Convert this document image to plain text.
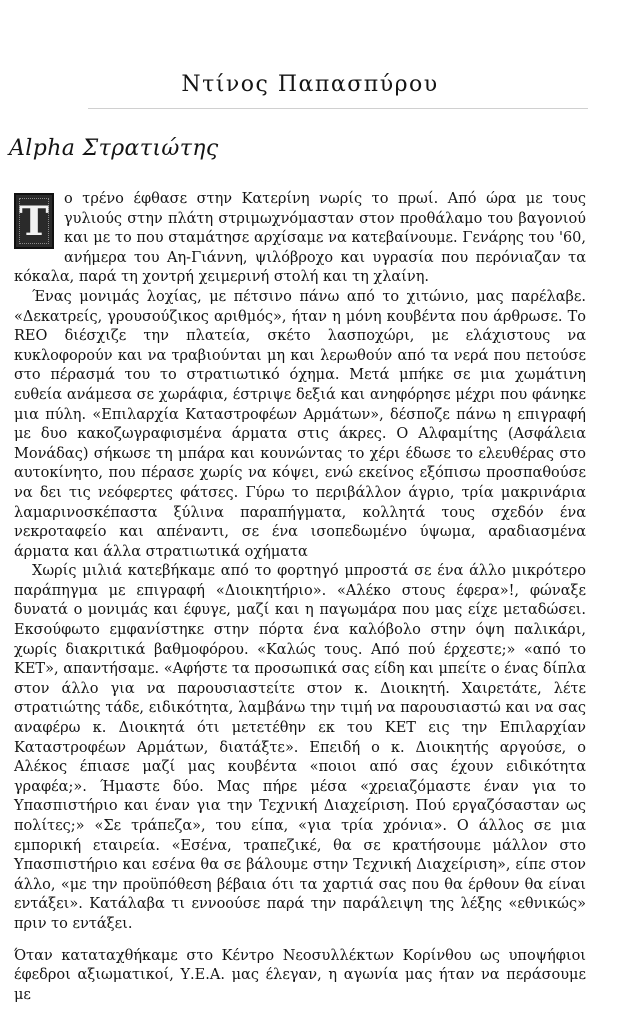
Ντίνος Παπασπύρου
Alpha Στρατιώτης

Τ ο τρένο έφθασε στην Κατερίνη νωρίς το πρωί. Από ώρα με τους γυλιούς στην πλάτη στριμωχνόμασταν στον προθάλαμο του βαγονιού και με το που σταμάτησε αρχίσαμε να κατεβαίνουμε. Γενάρης του '60, ανήμερα του Αη-Γιάννη, ψιλόβροχο και υγρασία που περόνιαζαν τα κόκαλα, παρά τη χοντρή χειμερινή στολή και τη χλαίνη.

Ένας μονιμάς λοχίας, με πέτσινο πάνω από το χιτώνιο, μας παρέλαβε. «Δεκατρείς, γρουσούζικος αριθμός», ήταν η μόνη κουβέντα που άρθρωσε. Το REO διέσχιζε την πλατεία, σκέτο λασποχώρι, με ελάχιστους να κυκλοφορούν και να τραβιούνται μη και λερωθούν από τα νερά που πετούσε στο πέρασμά του το στρατιωτικό όχημα. Μετά μπήκε σε μια χωμάτινη ευθεία ανάμεσα σε χωράφια, έστριψε δεξιά και ανηφόρησε μέχρι που φάνηκε μια πύλη. «Επιλαρχία Καταστροφέων Αρμάτων», δέσποζε πάνω η επιγραφή με δυο κακοζωγραφισμένα άρματα στις άκρες. Ο Αλφαμίτης (Ασφάλεια Μονάδας) σήκωσε τη μπάρα και κουνώντας το χέρι έδωσε το ελευθέρας στο αυτοκίνητο, που πέρασε χωρίς να κόψει, ενώ εκείνος εξόπισω προσπαθούσε να δει τις νεόφερτες φάτσες. Γύρω το περιβάλλον άγριο, τρία μακρινάρια λαμαρινοσκέπαστα ξύλινα παραπήγματα, κολλητά τους σχεδόν ένα νεκροταφείο και απέναντι, σε ένα ισοπεδωμένο ύψωμα, αραδιασμένα άρματα και άλλα στρατιωτικά οχήματα

Χωρίς μιλιά κατεβήκαμε από το φορτηγό μπροστά σε ένα άλλο μικρότερο παράπηγμα με επιγραφή «Διοικητήριο». «Αλέκο στους έφερα»!, φώναξε δυνατά ο μονιμάς και έφυγε, μαζί και η παγωμάρα που μας είχε μεταδώσει. Εκσούφωτο εμφανίστηκε στην πόρτα ένα καλόβολο στην όψη παλικάρι, χωρίς διακριτικά βαθμοφόρου. «Καλώς τους. Από πού έρχεστε;» «από το ΚΕΤ», απαντήσαμε. «Αφήστε τα προσωπικά σας είδη και μπείτε ο ένας δίπλα στον άλλο για να παρουσιαστείτε στον κ. Διοικητή. Χαιρετάτε, λέτε στρατιώτης τάδε, ειδικότητα, λαμβάνω την τιμή να παρουσιαστώ και να σας αναφέρω κ. Διοικητά ότι μετετέθην εκ του ΚΕΤ εις την Επιλαρχίαν Καταστροφέων Αρμάτων, διατάξτε». Επειδή ο κ. Διοικητής αργούσε, ο Αλέκος έπιασε μαζί μας κουβέντα «ποιοι από σας έχουν ειδικότητα γραφέα;». Ήμαστε δύο. Μας πήρε μέσα «χρειαζόμαστε έναν για το Υπασπιστήριο και έναν για την Τεχνική Διαχείριση. Πού εργαζόσασταν ως πολίτες;» «Σε τράπεζα», του είπα, «για τρία χρόνια». Ο άλλος σε μια εμπορική εταιρεία. «Εσένα, τραπεζικέ, θα σε κρατήσουμε μάλλον στο Υπασπιστήριο και εσένα θα σε βάλουμε στην Τεχνική Διαχείριση», είπε στον άλλο, «με την προϋπόθεση βέβαια ότι τα χαρτιά σας που θα έρθουν θα είναι εντάξει». Κατάλαβα τι εννοούσε παρά την παράλειψη της λέξης «εθνικώς» πριν το εντάξει.

Όταν καταταχθήκαμε στο Κέντρο Νεοσυλλέκτων Κορίνθου ως υποψήφιοι έφεδροι αξιωματικοί, Υ.Ε.Α. μας έλεγαν, η αγωνία μας ήταν να περάσουμε με
